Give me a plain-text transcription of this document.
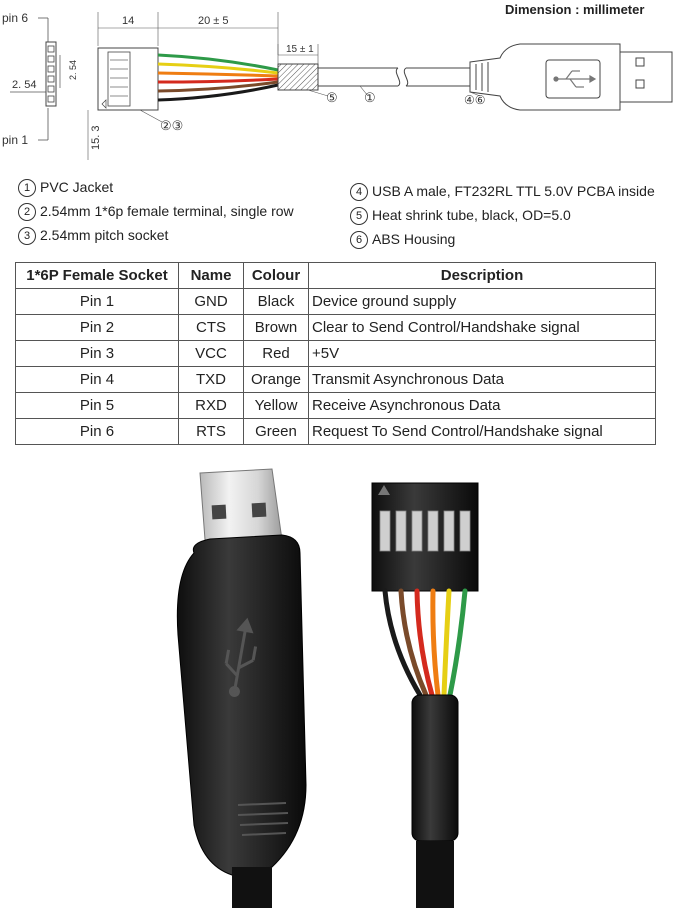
pin 6
pin 1
2. 54
2. 54
14	20 ± 5
15. 3
15 ± 1
⑤ ①
②③
④⑥
Dimension : millimeter
1 PVC Jacket
2 2.54mm 1*6p female terminal, single row
3 2.54mm pitch socket
4 USB A male, FT232RL TTL 5.0V PCBA inside
5 Heat shrink tube, black, OD=5.0
6 ABS Housing
1*6P Female Socket	Name	Colour	Description
Pin 1	GND	Black	Device ground supply
Pin 2	CTS	Brown	Clear to Send Control/Handshake signal
Pin 3	VCC	Red	+5V
Pin 4	TXD	Orange	Transmit Asynchronous Data
Pin 5	RXD	Yellow	Receive Asynchronous Data
Pin 6	RTS	Green	Request To Send Control/Handshake signal
